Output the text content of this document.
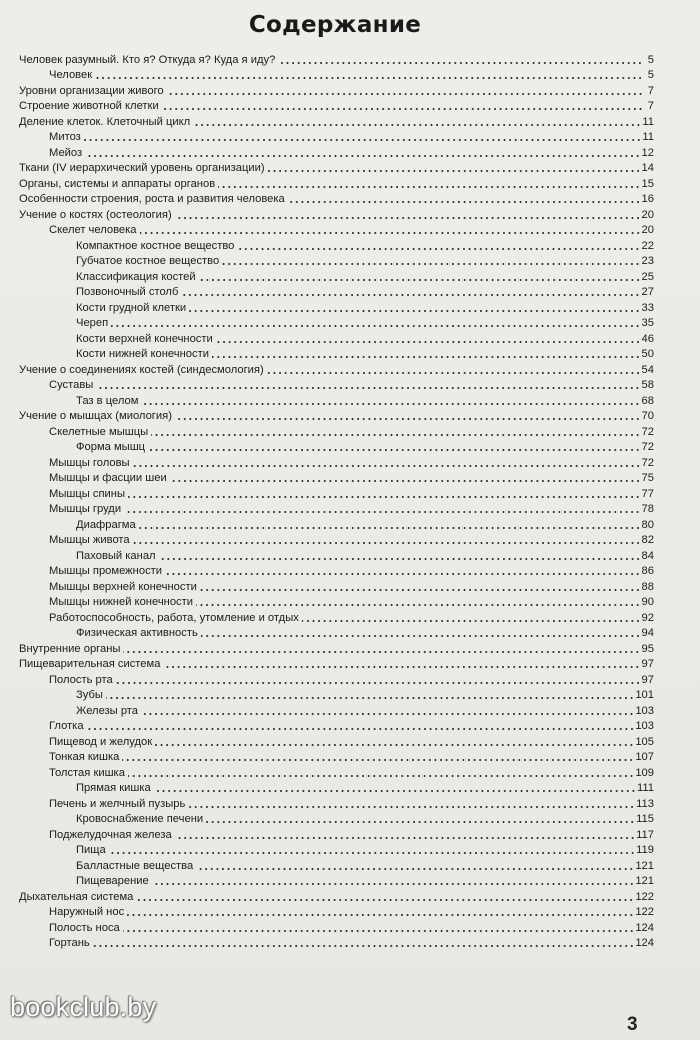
Содержание
Человек разумный. Кто я? Откуда я? Куда я иду?	5
Человек	5
Уровни организации живого	7
Строение животной клетки	7
Деление клеток. Клеточный цикл	11
Митоз	11
Мейоз	12
Ткани (IV иерархический уровень организации)	14
Органы, системы и аппараты органов	15
Особенности строения, роста и развития человека	16
Учение о костях (остеология)	20
Скелет человека	20
Компактное костное вещество	22
Губчатое костное вещество	23
Классификация костей	25
Позвоночный столб	27
Кости грудной клетки	33
Череп	35
Кости верхней конечности	46
Кости нижней конечности	50
Учение о соединениях костей (синдесмология)	54
Суставы	58
Таз в целом	68
Учение о мышцах (миология)	70
Скелетные мышцы	72
Форма мышц	72
Мышцы головы	72
Мышцы и фасции шеи	75
Мышцы спины	77
Мышцы груди	78
Диафрагма	80
Мышцы живота	82
Паховый канал	84
Мышцы промежности	86
Мышцы верхней конечности	88
Мышцы нижней конечности	90
Работоспособность, работа, утомление и отдых	92
Физическая активность	94
Внутренние органы	95
Пищеварительная система	97
Полость рта	97
Зубы	101
Железы рта	103
Глотка	103
Пищевод и желудок	105
Тонкая кишка	107
Толстая кишка	109
Прямая кишка	111
Печень и желчный пузырь	113
Кровоснабжение печени	115
Поджелудочная железа	117
Пища	119
Балластные вещества	121
Пищеварение	121
Дыхательная система	122
Наружный нос	122
Полость носа	124
Гортань	124
bookclub.by
3
